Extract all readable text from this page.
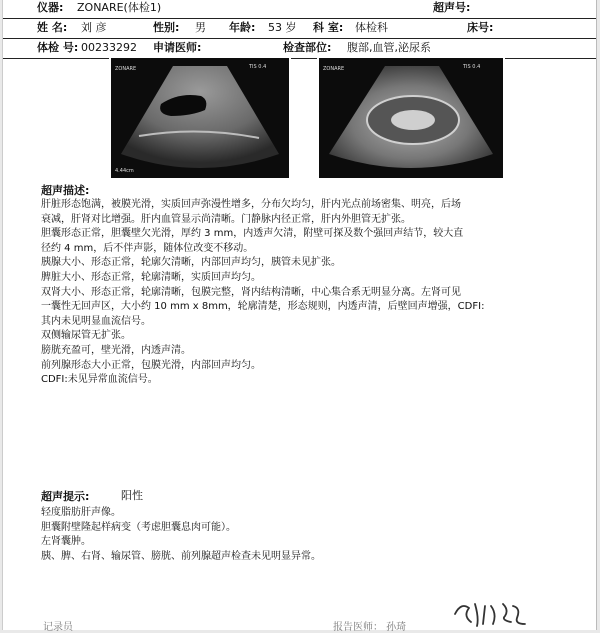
仪器: ZONARE(体检1)	超声号:
姓 名: 刘 彦	性别: 男 年龄: 53 岁 科 室: 体检科	床号:
体检 号: 00233292 申请医师:	检查部位: 腹部,血管,泌尿系
ZONARE	TIS 0.4
4.44cm
ZONARE	TIS 0.4
超声描述:
肝脏形态饱满，被膜光滑，实质回声弥漫性增多，分布欠均匀，肝内光点前场密集、明亮，后场
衰减，肝肾对比增强。肝内血管显示尚清晰。门静脉内径正常，肝内外胆管无扩张。
胆囊形态正常，胆囊壁欠光滑，厚约 3 mm，内透声欠清，附壁可探及数个强回声结节，较大直
径约 4 mm，后不伴声影，随体位改变不移动。
胰腺大小、形态正常，轮廓欠清晰，内部回声均匀，胰管未见扩张。
脾脏大小、形态正常，轮廓清晰，实质回声均匀。
双肾大小、形态正常，轮廓清晰，包膜完整，肾内结构清晰，中心集合系无明显分离。左肾可见
一囊性无回声区，大小约 10 mm x 8mm，轮廓清楚，形态规则，内透声清，后壁回声增强，CDFI:
其内未见明显血流信号。
双侧输尿管无扩张。
膀胱充盈可，壁光滑，内透声清。
前列腺形态大小正常，包膜光滑，内部回声均匀。
CDFI:未见异常血流信号。
超声提示:	阳性
轻度脂肪肝声像。
胆囊附壁隆起样病变（考虑胆囊息肉可能）。
左肾囊肿。
胰、脾、右肾、输尿管、膀胱、前列腺超声检查未见明显异常。
记录员	报告医师： 孙琦
